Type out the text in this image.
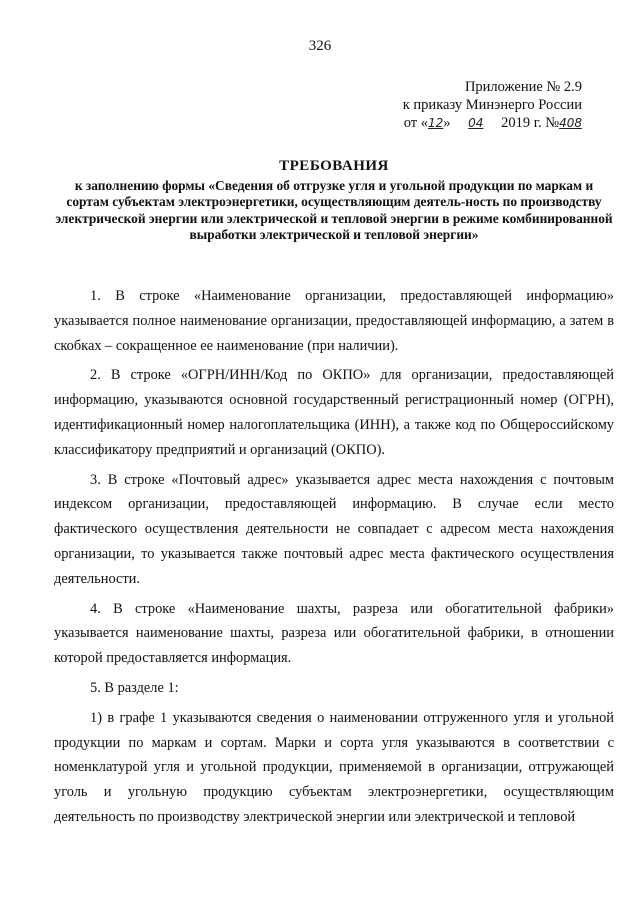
326
Приложение № 2.9
к приказу Минэнерго России
от «12» 04 2019 г. №408
ТРЕБОВАНИЯ
к заполнению формы «Сведения об отгрузке угля и угольной продукции по маркам и сортам субъектам электроэнергетики, осуществляющим деятель-ность по производству электрической энергии или электрической и тепловой энергии в режиме комбинированной выработки электрической и тепловой энергии»

1. В строке «Наименование организации, предоставляющей информацию» указывается полное наименование организации, предоставляющей информацию, а затем в скобках – сокращенное ее наименование (при наличии).

2. В строке «ОГРН/ИНН/Код по ОКПО» для организации, предоставляющей информацию, указываются основной государственный регистрационный номер (ОГРН), идентификационный номер налогоплательщика (ИНН), а также код по Общероссийскому классификатору предприятий и организаций (ОКПО).

3. В строке «Почтовый адрес» указывается адрес места нахождения с почтовым индексом организации, предоставляющей информацию. В случае если место фактического осуществления деятельности не совпадает с адресом места нахождения организации, то указывается также почтовый адрес места фактического осуществления деятельности.

4. В строке «Наименование шахты, разреза или обогатительной фабрики» указывается наименование шахты, разреза или обогатительной фабрики, в отношении которой предоставляется информация.

5. В разделе 1:

1) в графе 1 указываются сведения о наименовании отгруженного угля и угольной продукции по маркам и сортам. Марки и сорта угля указываются в соответствии с номенклатурой угля и угольной продукции, применяемой в организации, отгружающей уголь и угольную продукцию субъектам электроэнергетики, осуществляющим деятельность по производству электрической энергии или электрической и тепловой
